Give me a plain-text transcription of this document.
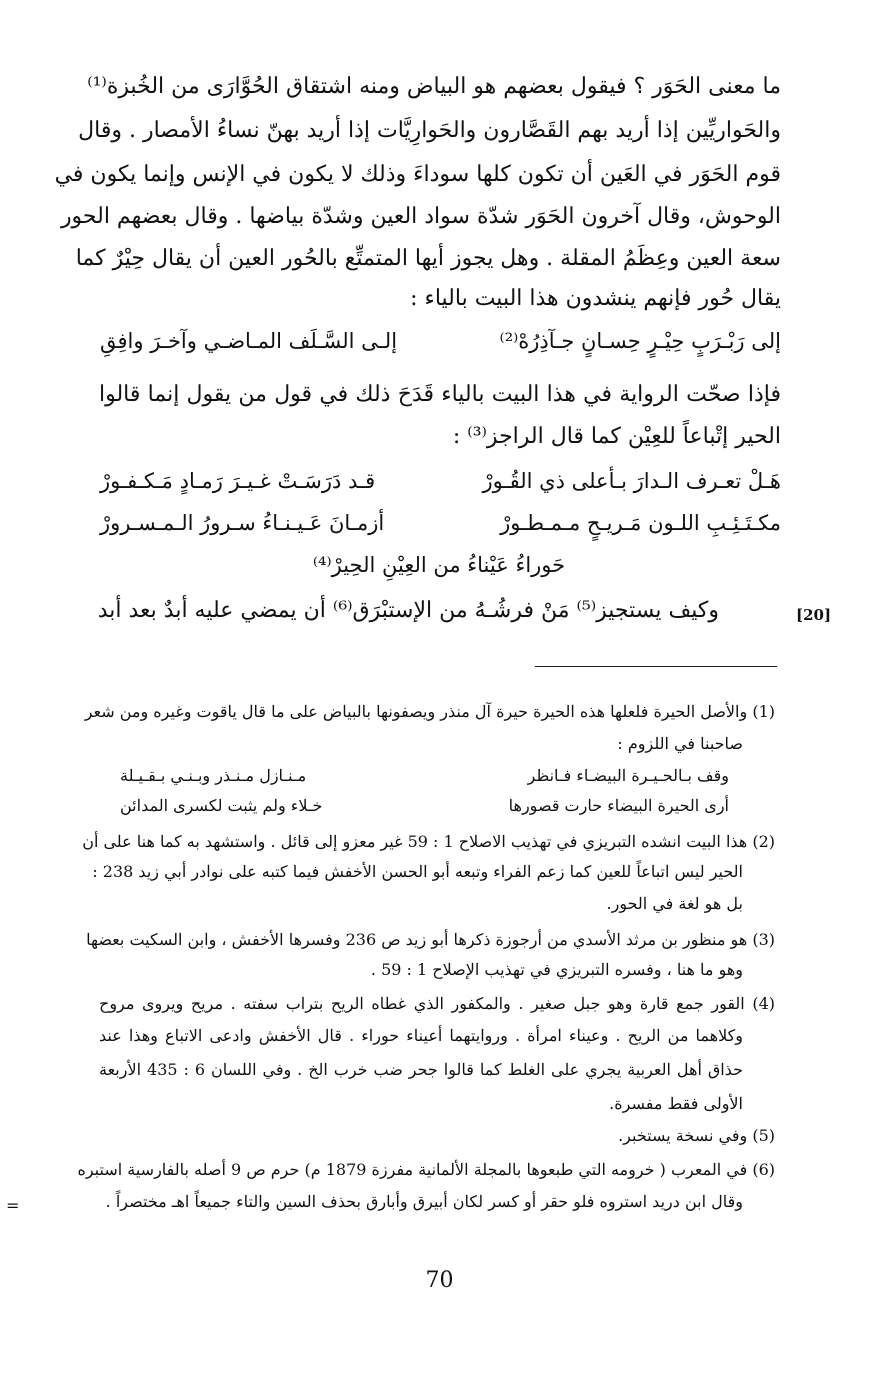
ما معنى الحَوَر ؟ فيقول بعضهم هو البياض ومنه اشتقاق الحُوَّارَى من الخُبزة⁽¹⁾
والحَواريِّين إذا أريد بهم القَصَّارون والحَوارِيَّات إذا أريد بهنّ نساءُ الأمصار . وقال
قوم الحَوَر في العَين أن تكون كلها سوداءَ وذلك لا يكون في الإنس وإنما يكون في
الوحوش، وقال آخرون الحَوَر شدّة سواد العين وشدّة بياضها . وقال بعضهم الحور
سعة العين وعِظَمُ المقلة . وهل يجوز أيها المتمتِّع بالحُور العين أن يقال حِيْرٌ كما
يقال حُور فإنهم ينشدون هذا البيت بالياء :
إلى رَبْـرَبٍ حِيْـرٍ حِسـانٍ جـآذِرُهْ⁽²⁾
إلـى السَّـلَف المـاضـي وآخـرَ وافِقِ
فإذا صحّت الرواية في هذا البيت بالياء قَدَحَ ذلك في قول من يقول إنما قالوا
الحير إتْباعاً للعِيْن كما قال الراجز⁽³⁾ :
هَـلْ تعـرف الـدارَ بـأعلى ذي القُـورْ
قـد دَرَسَـتْ غـيـرَ رَمـادٍ مَـكـفـورْ
مكـتَـئِـبِ اللـون مَـريـحٍ مـمـطـورْ
أزمـانَ عَـيـنـاءُ سـرورُ الـمـسـرورْ
حَوراءُ عَيْناءُ من العِيْنِ الحِيرْ⁽⁴⁾
وكيف يستجيز⁽⁵⁾ مَنْ فرشُـهُ من الإستبْرَق⁽⁶⁾ أن يمضي عليه أبدٌ بعد أبد	[20]
(1) والأصل الحيرة فلعلها هذه الحيرة حيرة آل منذر ويصفونها بالبياض على ما قال ياقوت وغيره ومن شعر
صاحبنا في اللزوم :
وقف بـالحـيـرة البيضـاء فـانظر
مـنـازل مـنـذر وبـنـي بـقـيـلة
أرى الحيرة البيضاء حارت قصورها
خـلاء ولم يثبت لكسرى المدائن
(2) هذا البيت انشده التبريزي في تهذيب الاصلاح 1 : 59 غير معزو إلى قائل . واستشهد به كما هنا على أن
الحير ليس اتباعاً للعين كما زعم الفراء وتبعه أبو الحسن الأخفش فيما كتبه على نوادر أبي زيد 238 :
بل هو لغة في الحور.
(3) هو منظور بن مرثد الأسدي من أرجوزة ذكرها أبو زيد ص 236 وفسرها الأخفش ، وابن السكيت بعضها
وهو ما هنا ، وفسره التبريزي في تهذيب الإصلاح 1 : 59 .
(4) القور جمع قارة وهو جبل صغير . والمكفور الذي غطاه الريح بتراب سفته . مريح ويروى مروح
وكلاهما من الريح . وعيناء امرأة . وروايتهما أعيناء حوراء . قال الأخفش وادعى الاتباع وهذا عند
حذاق أهل العربية يجري على الغلط كما قالوا جحر ضب خرب الخ . وفي اللسان 6 : 435 الأربعة
الأولى فقط مفسرة.
(5) وفي نسخة يستخبر.
(6) في المعرب ( خرومه التي طبعوها بالمجلة الألمانية مفرزة 1879 م) حرم ص 9 أصله بالفارسية استبره
وقال ابن دريد استروه فلو حقر أو كسر لكان أبيرق وأبارق بحذف السين والتاء جميعاً اهـ مختصراً .
=
70
